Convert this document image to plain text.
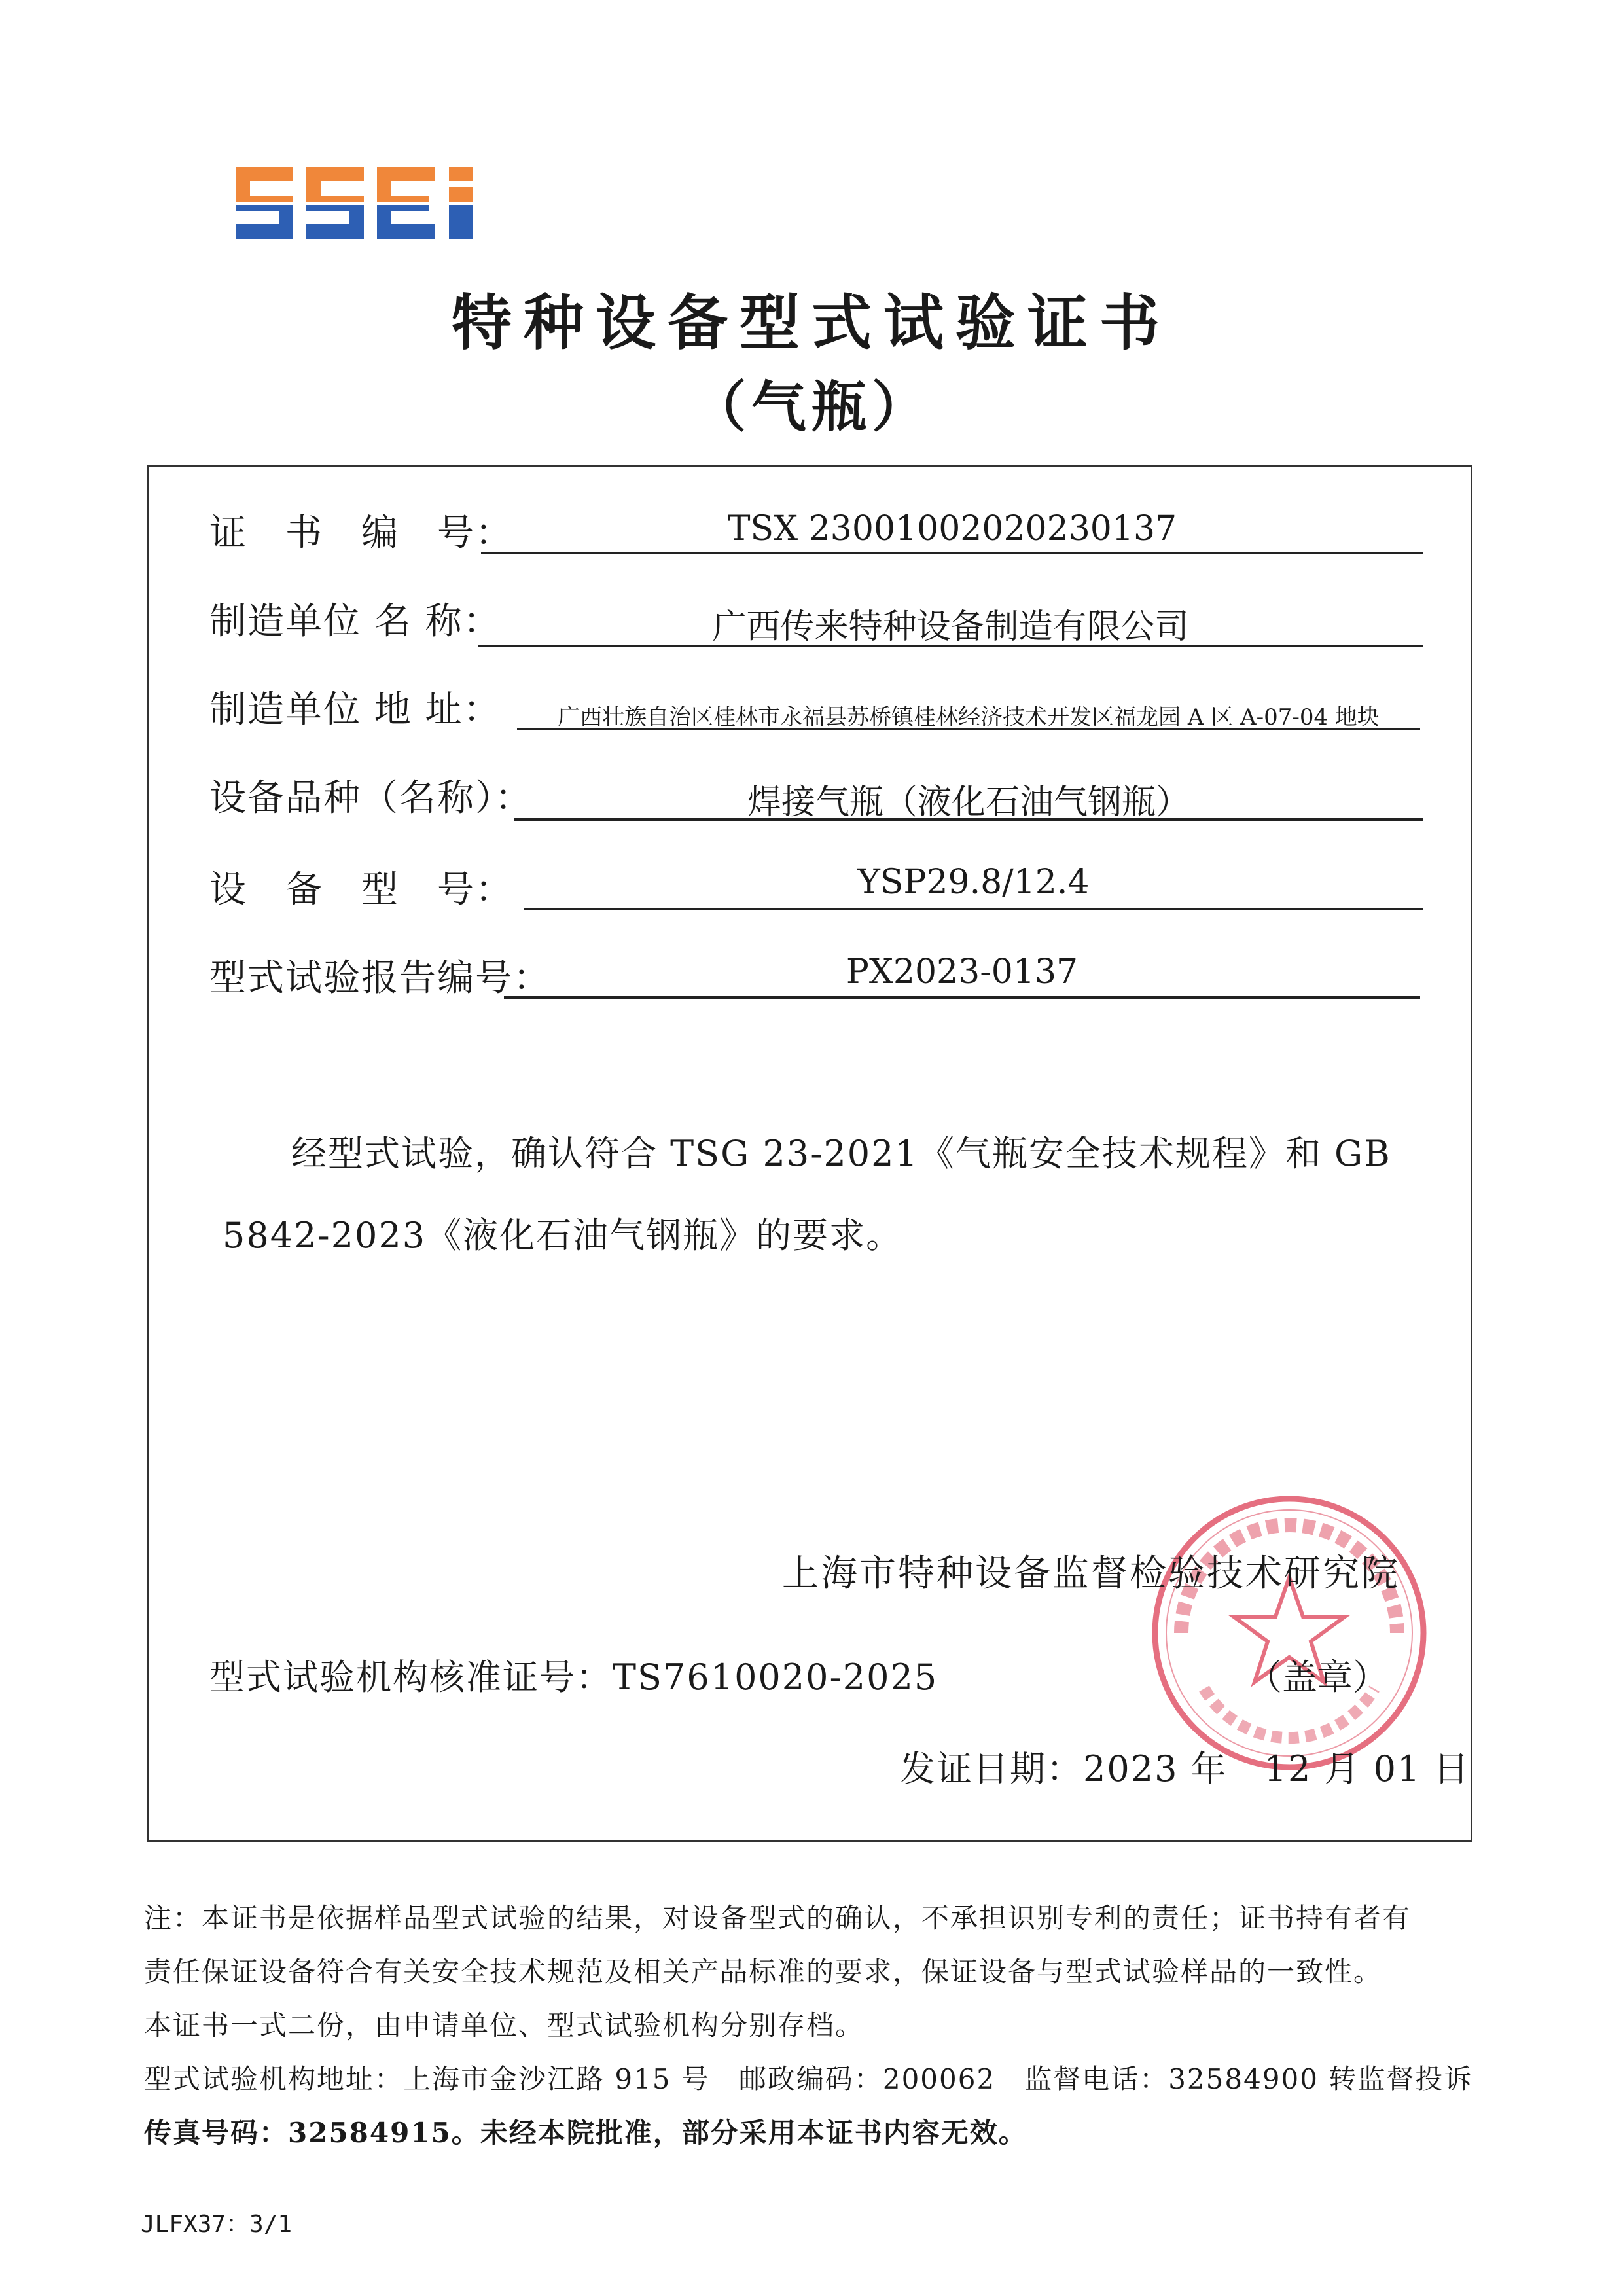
特种设备型式试验证书
（气瓶）
证　书　编　号：	TSX 23001002020230137
制造单位 名 称：	广西传来特种设备制造有限公司
制造单位 地 址：	广西壮族自治区桂林市永福县苏桥镇桂林经济技术开发区福龙园 A 区 A-07-04 地块
设备品种（名称）：	焊接气瓶（液化石油气钢瓶）
设　备　型　号：	YSP29.8/12.4
型式试验报告编号：	PX2023-0137
经型式试验，确认符合 TSG 23-2021《气瓶安全技术规程》和 GB
5842-2023《液化石油气钢瓶》的要求。
上海市特种设备监督检验技术研究院
型式试验机构核准证号：TS7610020-2025	（盖章）
发证日期：2023 年　12 月 01 日
注：本证书是依据样品型式试验的结果，对设备型式的确认，不承担识别专利的责任；证书持有者有
责任保证设备符合有关安全技术规范及相关产品标准的要求，保证设备与型式试验样品的一致性。
本证书一式二份，由申请单位、型式试验机构分别存档。
型式试验机构地址：上海市金沙江路 915 号　邮政编码：200062　监督电话：32584900 转监督投诉
传真号码：32584915。未经本院批准，部分采用本证书内容无效。
JLFX37：3/1
